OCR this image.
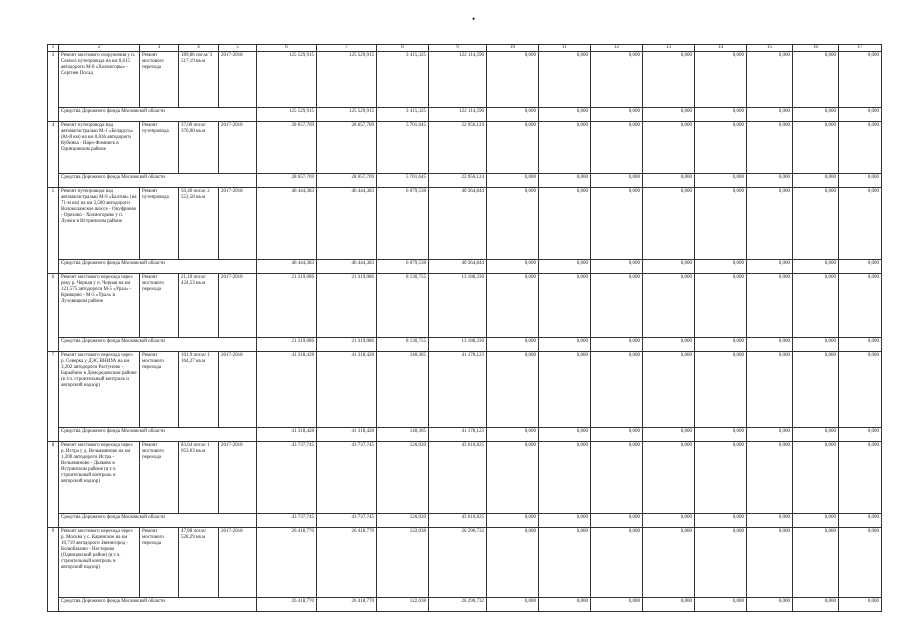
•
1	2	3	4	5	6	7	8	9	10	11	12	13	14	15	16	17
3	Ремонт мостового сооружения у п. Семхоз путепровода на км 0,615 автодороги М-8 «Холмогоры» - Сергиев Посад	Ремонт мостового перехода	189,86 пог.м/ 3 517,19 кв.м	2017-2018	125 529,915	125 529,915	3 415,325	122 114,590	0,000	0,000	0,000	0,000	0,000	0,000	0,000	0,000
	Средства Дорожного фонда Московской области				125 529,915	125 529,915	3 415,325	122 114,590	0,000	0,000	0,000	0,000	0,000	0,000	0,000	0,000
4	Ремонт путепровода над автомагистралью М-1 «Беларусь» (84-й км) на км 0,836 автодороги Кубинка - Наро-Фоминск в Одинцовском районе	Ремонт путепровода	37,00 пог.м/ 370,00 кв.м	2017-2018	28 657,769	28 657,769	5 701,645	22 956,124	0,000	0,000	0,000	0,000	0,000	0,000	0,000	0,000
	Средства Дорожного фонда Московской области				28 657,769	28 657,769	5 701,645	22 956,124	0,000	0,000	0,000	0,000	0,000	0,000	0,000	0,000
5	Ремонт путепровода над автомагистралью М-9 «Балтия» (на 71-м км) на км 2,500 автодороги Волоколамское шоссе - Онуфриево - Ореховo - Холмогорово у п. Лужки в Истринском районе	Ремонт путепровода	50,40 пог.м/ 2 553,58 кв.м	2017-2018	46 444,383	46 444,383	6 079,538	40 364,844	0,000	0,000	0,000	0,000	0,000	0,000	0,000	0,000
	Средства Дорожного фонда Московской области				46 444,383	46 444,383	6 079,538	40 364,844	0,000	0,000	0,000	0,000	0,000	0,000	0,000	0,000
6	Ремонт мостового перехода через реку р. Черная у п. Черная на км 121,575 автодороги М-5 «Урал» - Кривцово - М-5 «Урал» в Луховицком районе	Ремонт мостового перехода	21,10 пог.м/ 424,53 кв.м	2017-2018	21 319,086	21 319,086	8 130,755	13 188,330	0,000	0,000	0,000	0,000	0,000	0,000	0,000	0,000
	Средства Дорожного фонда Московской области				21 319,086	21 319,086	8 130,755	13 188,330	0,000	0,000	0,000	0,000	0,000	0,000	0,000	0,000
7	Ремонт мостового перехода через р. Северка у ДЭС ВНИУА на км 3,202 автодороги Растуново - Барыбино в Домодедовском районе (в т.ч. строительный контроль и авторский надзор)	Ремонт мостового перехода	101,9 пог.м/ 1 164,27 кв.м	2017-2018	41 318,428	41 318,428	140,305	41 178,123	0,000	0,000	0,000	0,000	0,000	0,000	0,000	0,000
	Средства Дорожного фонда Московской области				41 318,428	41 318,428	140,305	41 178,123	0,000	0,000	0,000	0,000	0,000	0,000	0,000	0,000
8	Ремонт мостового перехода через р. Истра у д. Вельяминово на км 1,200 автодороги Истра - Вельяминово - Дьяково в Истринском районе (в т.ч. строительный контроль и авторский надзор)	Ремонт мостового перехода	83,64 пог.м/ 1 053,03 кв.м	2017-2018	43 737,745	43 737,745	126,920	43 610,825	0,000	0,000	0,000	0,000	0,000	0,000	0,000	0,000
	Средства Дорожного фонда Московской области				43 737,745	43 737,745	126,920	43 610,825	0,000	0,000	0,000	0,000	0,000	0,000	0,000	0,000
9	Ремонт мостового перехода через р. Москва у с. Каринское на км 10,719 автодороги Звенигород - Колюбакино - Нестерово (Одинцовский район) (в т.ч. строительный контроль и авторский надзор)	Ремонт мостового перехода	47,88 пог.м/ 528,29 кв.м	2017-2018	26 418,770	26 418,770	122,038	26 296,732	0,000	0,000	0,000	0,000	0,000	0,000	0,000	0,000
	Средства Дорожного фонда Московской области				26 418,770	26 418,770	122,038	26 296,732	0,000	0,000	0,000	0,000	0,000	0,000	0,000	0,000
